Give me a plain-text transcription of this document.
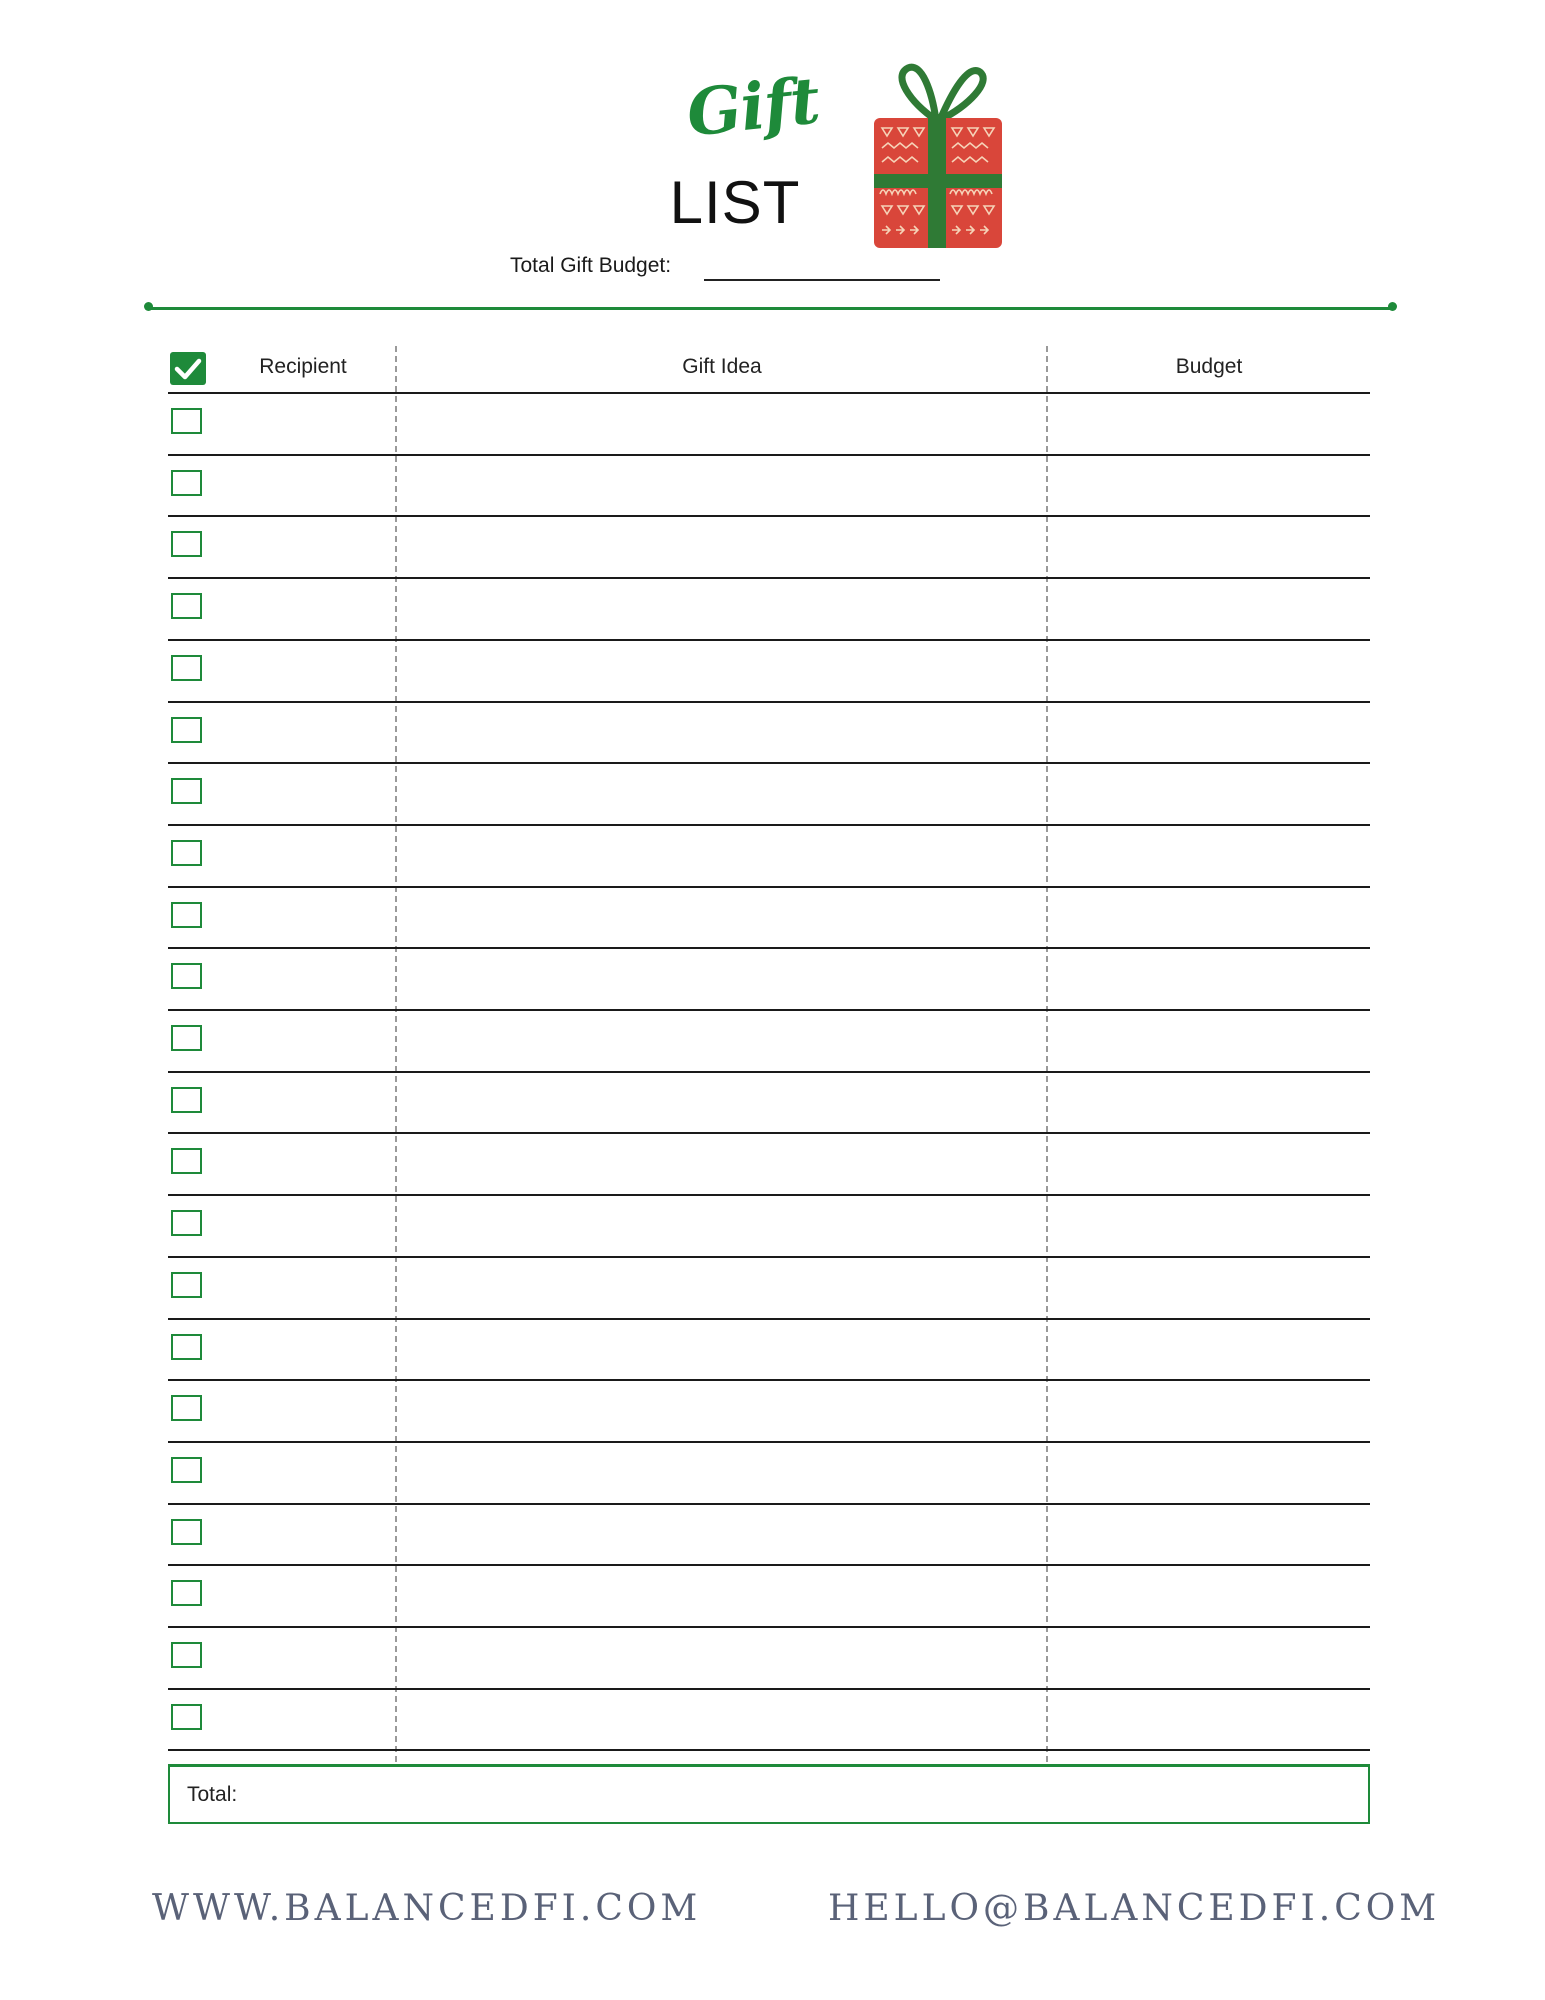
Gift
LIST
Total Gift Budget:
Recipient	Gift Idea	Budget
Total:
WWW.BALANCEDFI.COM	HELLO@BALANCEDFI.COM
